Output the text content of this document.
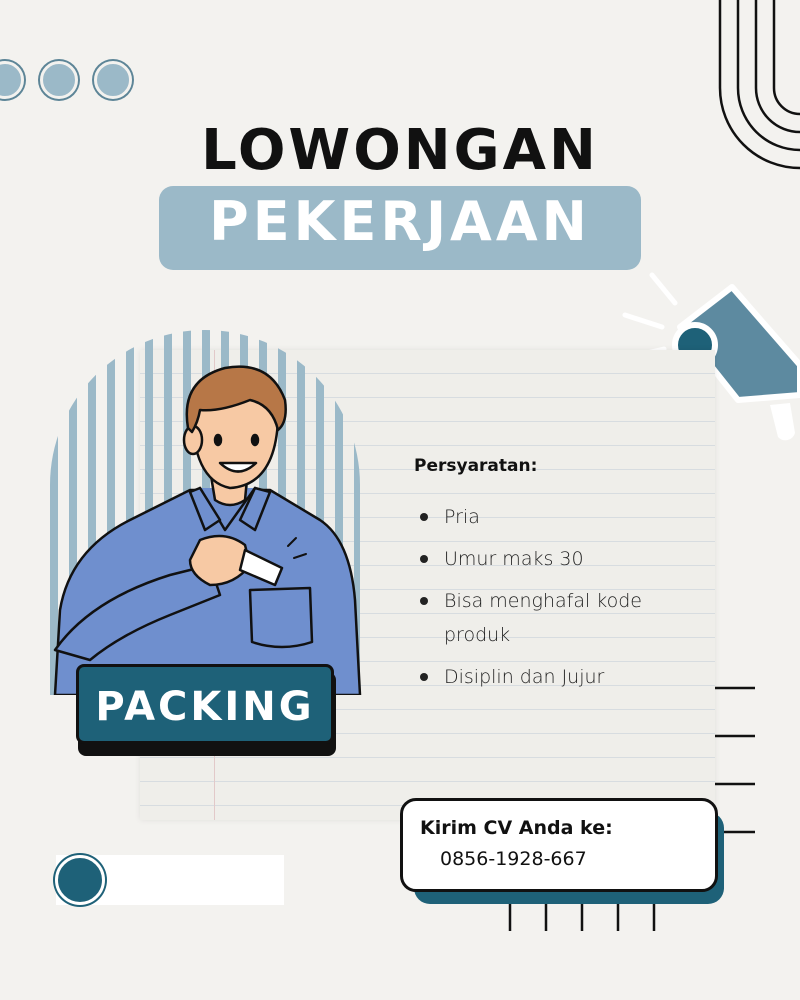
LOWONGAN
PEKERJAAN
PACKING
Persyaratan:
Pria
Umur maks 30
Bisa menghafal kode produk
Disiplin dan Jujur
Kirim CV Anda ke:
0856-1928-667
